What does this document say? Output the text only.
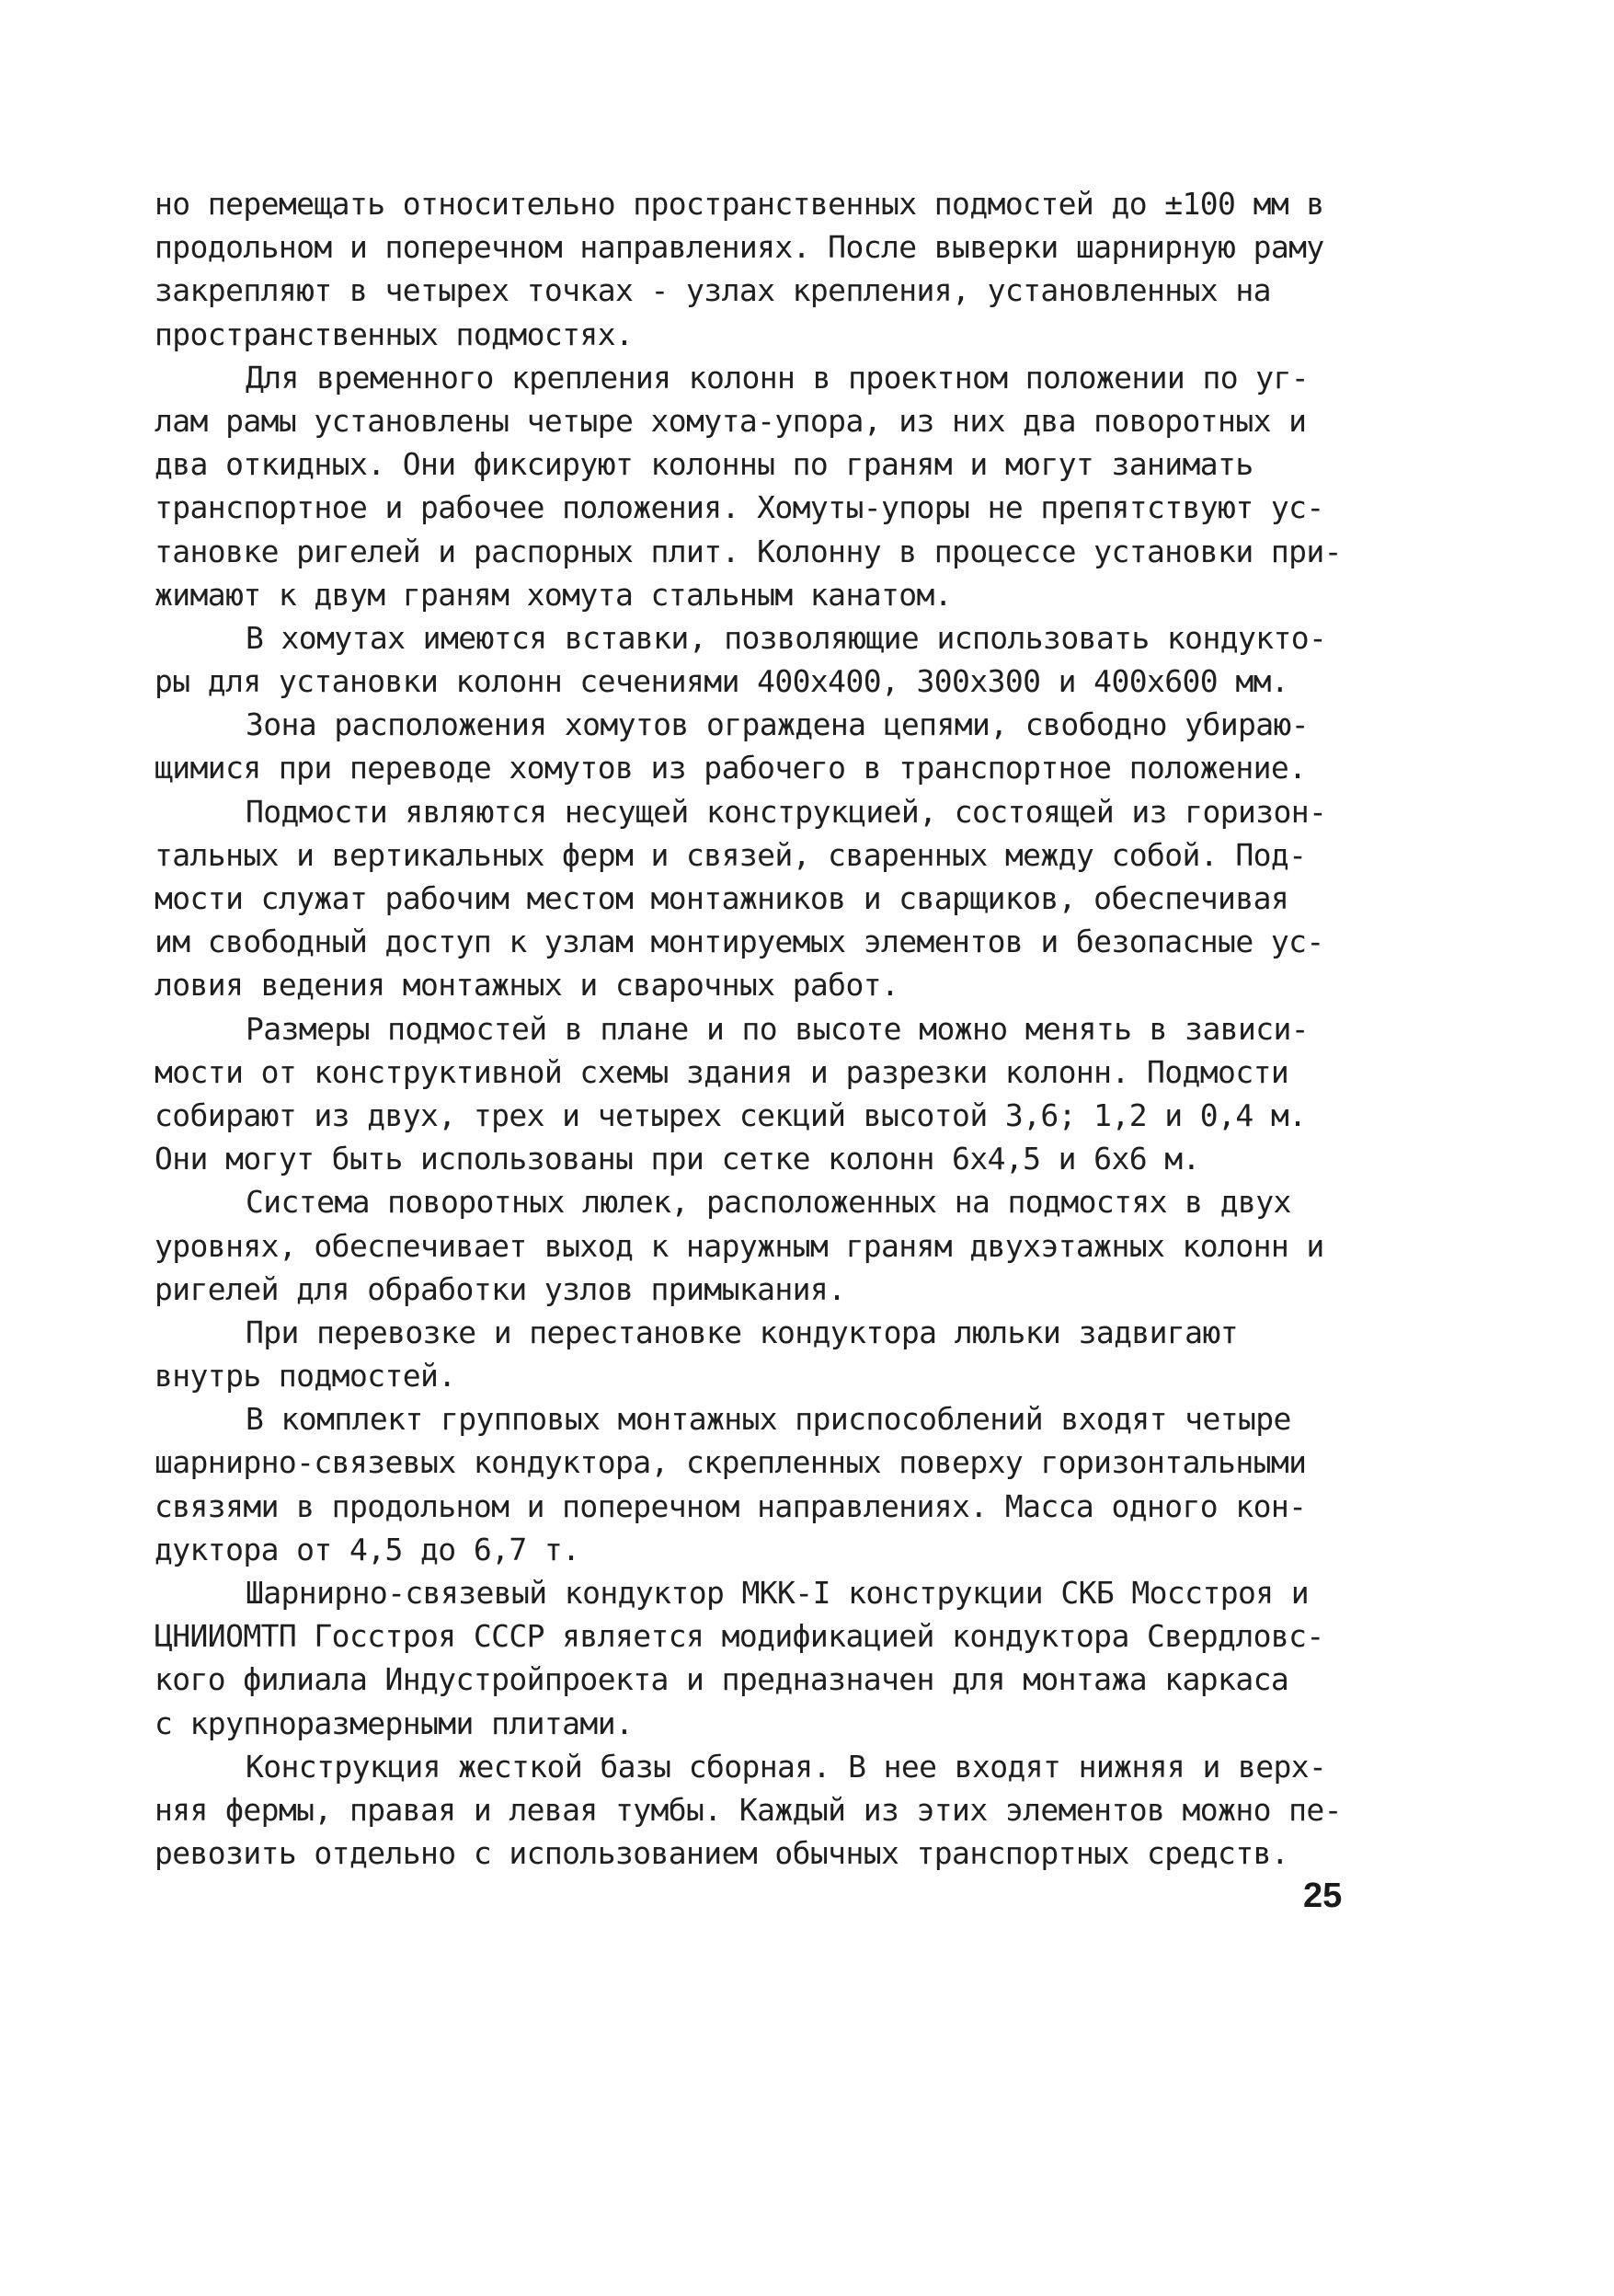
но перемещать относительно пространственных подмостей до ±100 мм в
продольном и поперечном направлениях. После выверки шарнирную раму
закрепляют в четырех точках - узлах крепления, установленных на
пространственных подмостях.
Для временного крепления колонн в проектном положении по уг-
лам рамы установлены четыре хомута-упора, из них два поворотных и
два откидных. Они фиксируют колонны по граням и могут занимать
транспортное и рабочее положения. Хомуты-упоры не препятствуют ус-
тановке ригелей и распорных плит. Колонну в процессе установки при-
жимают к двум граням хомута стальным канатом.
В хомутах имеются вставки, позволяющие использовать кондукто-
ры для установки колонн сечениями 400х400, 300х300 и 400х600 мм.
Зона расположения хомутов ограждена цепями, свободно убираю-
щимися при переводе хомутов из рабочего в транспортное положение.
Подмости являются несущей конструкцией, состоящей из горизон-
тальных и вертикальных ферм и связей, сваренных между собой. Под-
мости служат рабочим местом монтажников и сварщиков, обеспечивая
им свободный доступ к узлам монтируемых элементов и безопасные ус-
ловия ведения монтажных и сварочных работ.
Размеры подмостей в плане и по высоте можно менять в зависи-
мости от конструктивной схемы здания и разрезки колонн. Подмости
собирают из двух, трех и четырех секций высотой 3,6; 1,2 и 0,4 м.
Они могут быть использованы при сетке колонн 6х4,5 и 6х6 м.
Система поворотных люлек, расположенных на подмостях в двух
уровнях, обеспечивает выход к наружным граням двухэтажных колонн и
ригелей для обработки узлов примыкания.
При перевозке и перестановке кондуктора люльки задвигают
внутрь подмостей.
В комплект групповых монтажных приспособлений входят четыре
шарнирно-связевых кондуктора, скрепленных поверху горизонтальными
связями в продольном и поперечном направлениях. Масса одного кон-
дуктора от 4,5 до 6,7 т.
Шарнирно-связевый кондуктор МКК-I конструкции СКБ Мосстроя и
ЦНИИОМТП Госстроя СССР является модификацией кондуктора Свердловс-
кого филиала Индустройпроекта и предназначен для монтажа каркаса
с крупноразмерными плитами.
Конструкция жесткой базы сборная. В нее входят нижняя и верх-
няя фермы, правая и левая тумбы. Каждый из этих элементов можно пе-
ревозить отдельно с использованием обычных транспортных средств.
25
